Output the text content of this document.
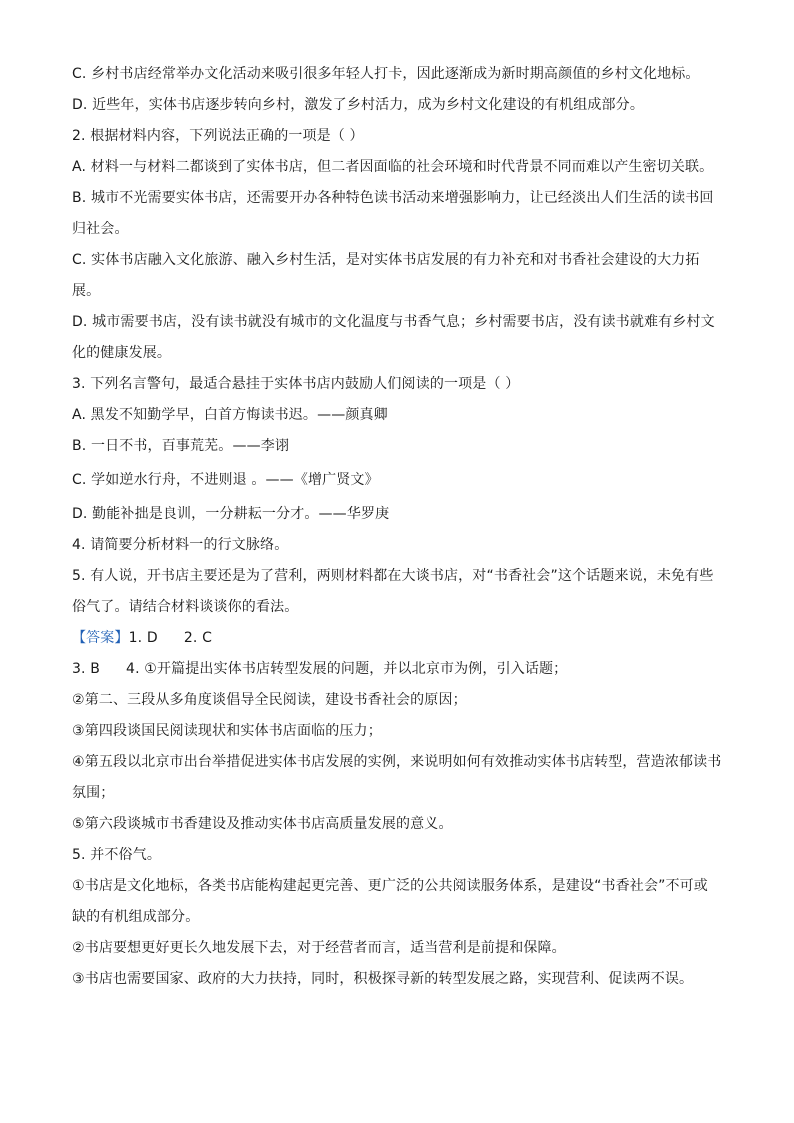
C. 乡村书店经常举办文化活动来吸引很多年轻人打卡，因此逐渐成为新时期高颜值的乡村文化地标。
D. 近些年，实体书店逐步转向乡村，激发了乡村活力，成为乡村文化建设的有机组成部分。
2. 根据材料内容，下列说法正确的一项是（ ）
A. 材料一与材料二都谈到了实体书店，但二者因面临的社会环境和时代背景不同而难以产生密切关联。
B. 城市不光需要实体书店，还需要开办各种特色读书活动来增强影响力，让已经淡出人们生活的读书回
归社会。
C. 实体书店融入文化旅游、融入乡村生活，是对实体书店发展的有力补充和对书香社会建设的大力拓
展。
D. 城市需要书店，没有读书就没有城市的文化温度与书香气息；乡村需要书店，没有读书就难有乡村文
化的健康发展。
3. 下列名言警句，最适合悬挂于实体书店内鼓励人们阅读的一项是（ ）
A. 黑发不知勤学早，白首方悔读书迟。——颜真卿
B. 一日不书，百事荒芜。——李诩
C. 学如逆水行舟，不进则退 。——《增广贤文》
D. 勤能补拙是良训，一分耕耘一分才。——华罗庚
4. 请简要分析材料一的行文脉络。
5. 有人说，开书店主要还是为了营利，两则材料都在大谈书店，对“书香社会”这个话题来说，未免有些
俗气了。请结合材料谈谈你的看法。
【答案】1. D 2. C
3. B 4. ①开篇提出实体书店转型发展的问题，并以北京市为例，引入话题；
②第二、三段从多角度谈倡导全民阅读，建设书香社会的原因；
③第四段谈国民阅读现状和实体书店面临的压力；
④第五段以北京市出台举措促进实体书店发展的实例，来说明如何有效推动实体书店转型，营造浓郁读书
氛围；
⑤第六段谈城市书香建设及推动实体书店高质量发展的意义。
5. 并不俗气。
①书店是文化地标，各类书店能构建起更完善、更广泛的公共阅读服务体系，是建设“书香社会”不可或
缺的有机组成部分。
②书店要想更好更长久地发展下去，对于经营者而言，适当营利是前提和保障。
③书店也需要国家、政府的大力扶持，同时，积极探寻新的转型发展之路，实现营利、促读两不误。
